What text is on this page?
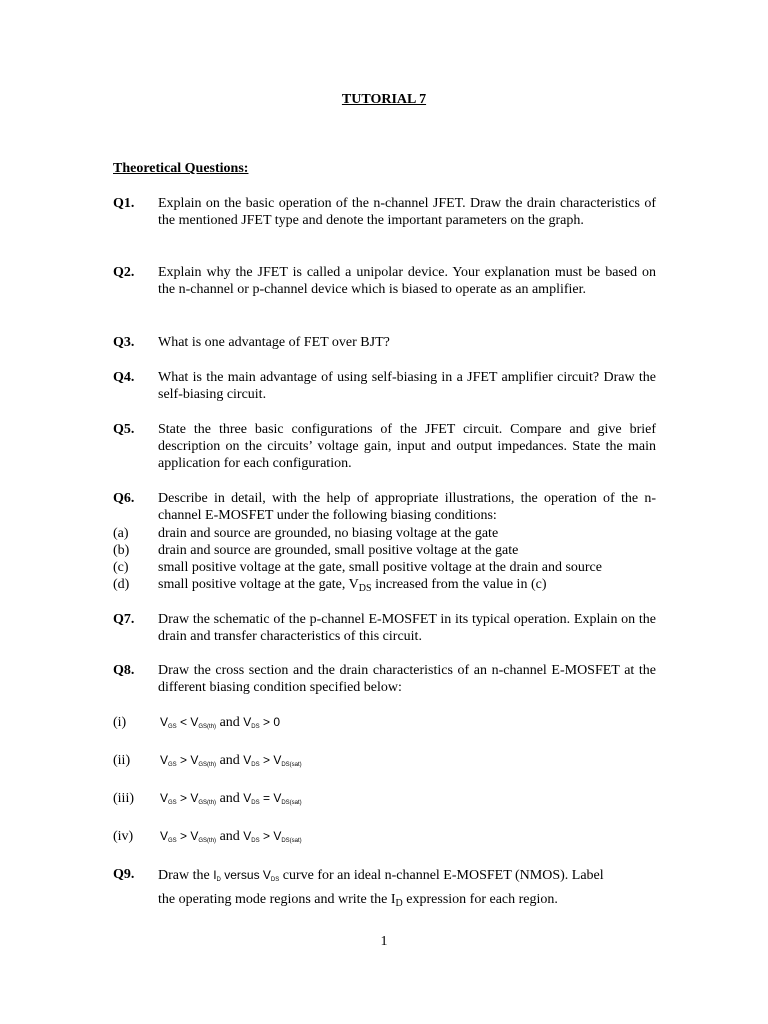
TUTORIAL 7
Theoretical Questions:
Q1. Explain on the basic operation of the n-channel JFET. Draw the drain characteristics of the mentioned JFET type and denote the important parameters on the graph.
Q2. Explain why the JFET is called a unipolar device. Your explanation must be based on the n-channel or p-channel device which is biased to operate as an amplifier.
Q3. What is one advantage of FET over BJT?
Q4. What is the main advantage of using self-biasing in a JFET amplifier circuit? Draw the self-biasing circuit.
Q5. State the three basic configurations of the JFET circuit. Compare and give brief description on the circuits’ voltage gain, input and output impedances. State the main application for each configuration.
Q6. Describe in detail, with the help of appropriate illustrations, the operation of the n-channel E-MOSFET under the following biasing conditions:
(a) drain and source are grounded, no biasing voltage at the gate
(b) drain and source are grounded, small positive voltage at the gate
(c) small positive voltage at the gate, small positive voltage at the drain and source
(d) small positive voltage at the gate, $V_{DS}$ increased from the value in (c)
Q7. Draw the schematic of the p-channel E-MOSFET in its typical operation. Explain on the drain and transfer characteristics of this circuit.
Q8. Draw the cross section and the drain characteristics of an n-channel E-MOSFET at the different biasing condition specified below:
(i)	VGS < VGS(th) and VDS > 0
(ii)	VGS > VGS(th) and VDS > VDS(sat)
(iii)	VGS > VGS(th) and VDS = VDS(sat)
(iv)	VGS > VGS(th) and VDS > VDS(sat)
Q9. Draw the ID versus VDS curve for an ideal n-channel E-MOSFET (NMOS). Label
the operating mode regions and write the $I_D$ expression for each region.
1
